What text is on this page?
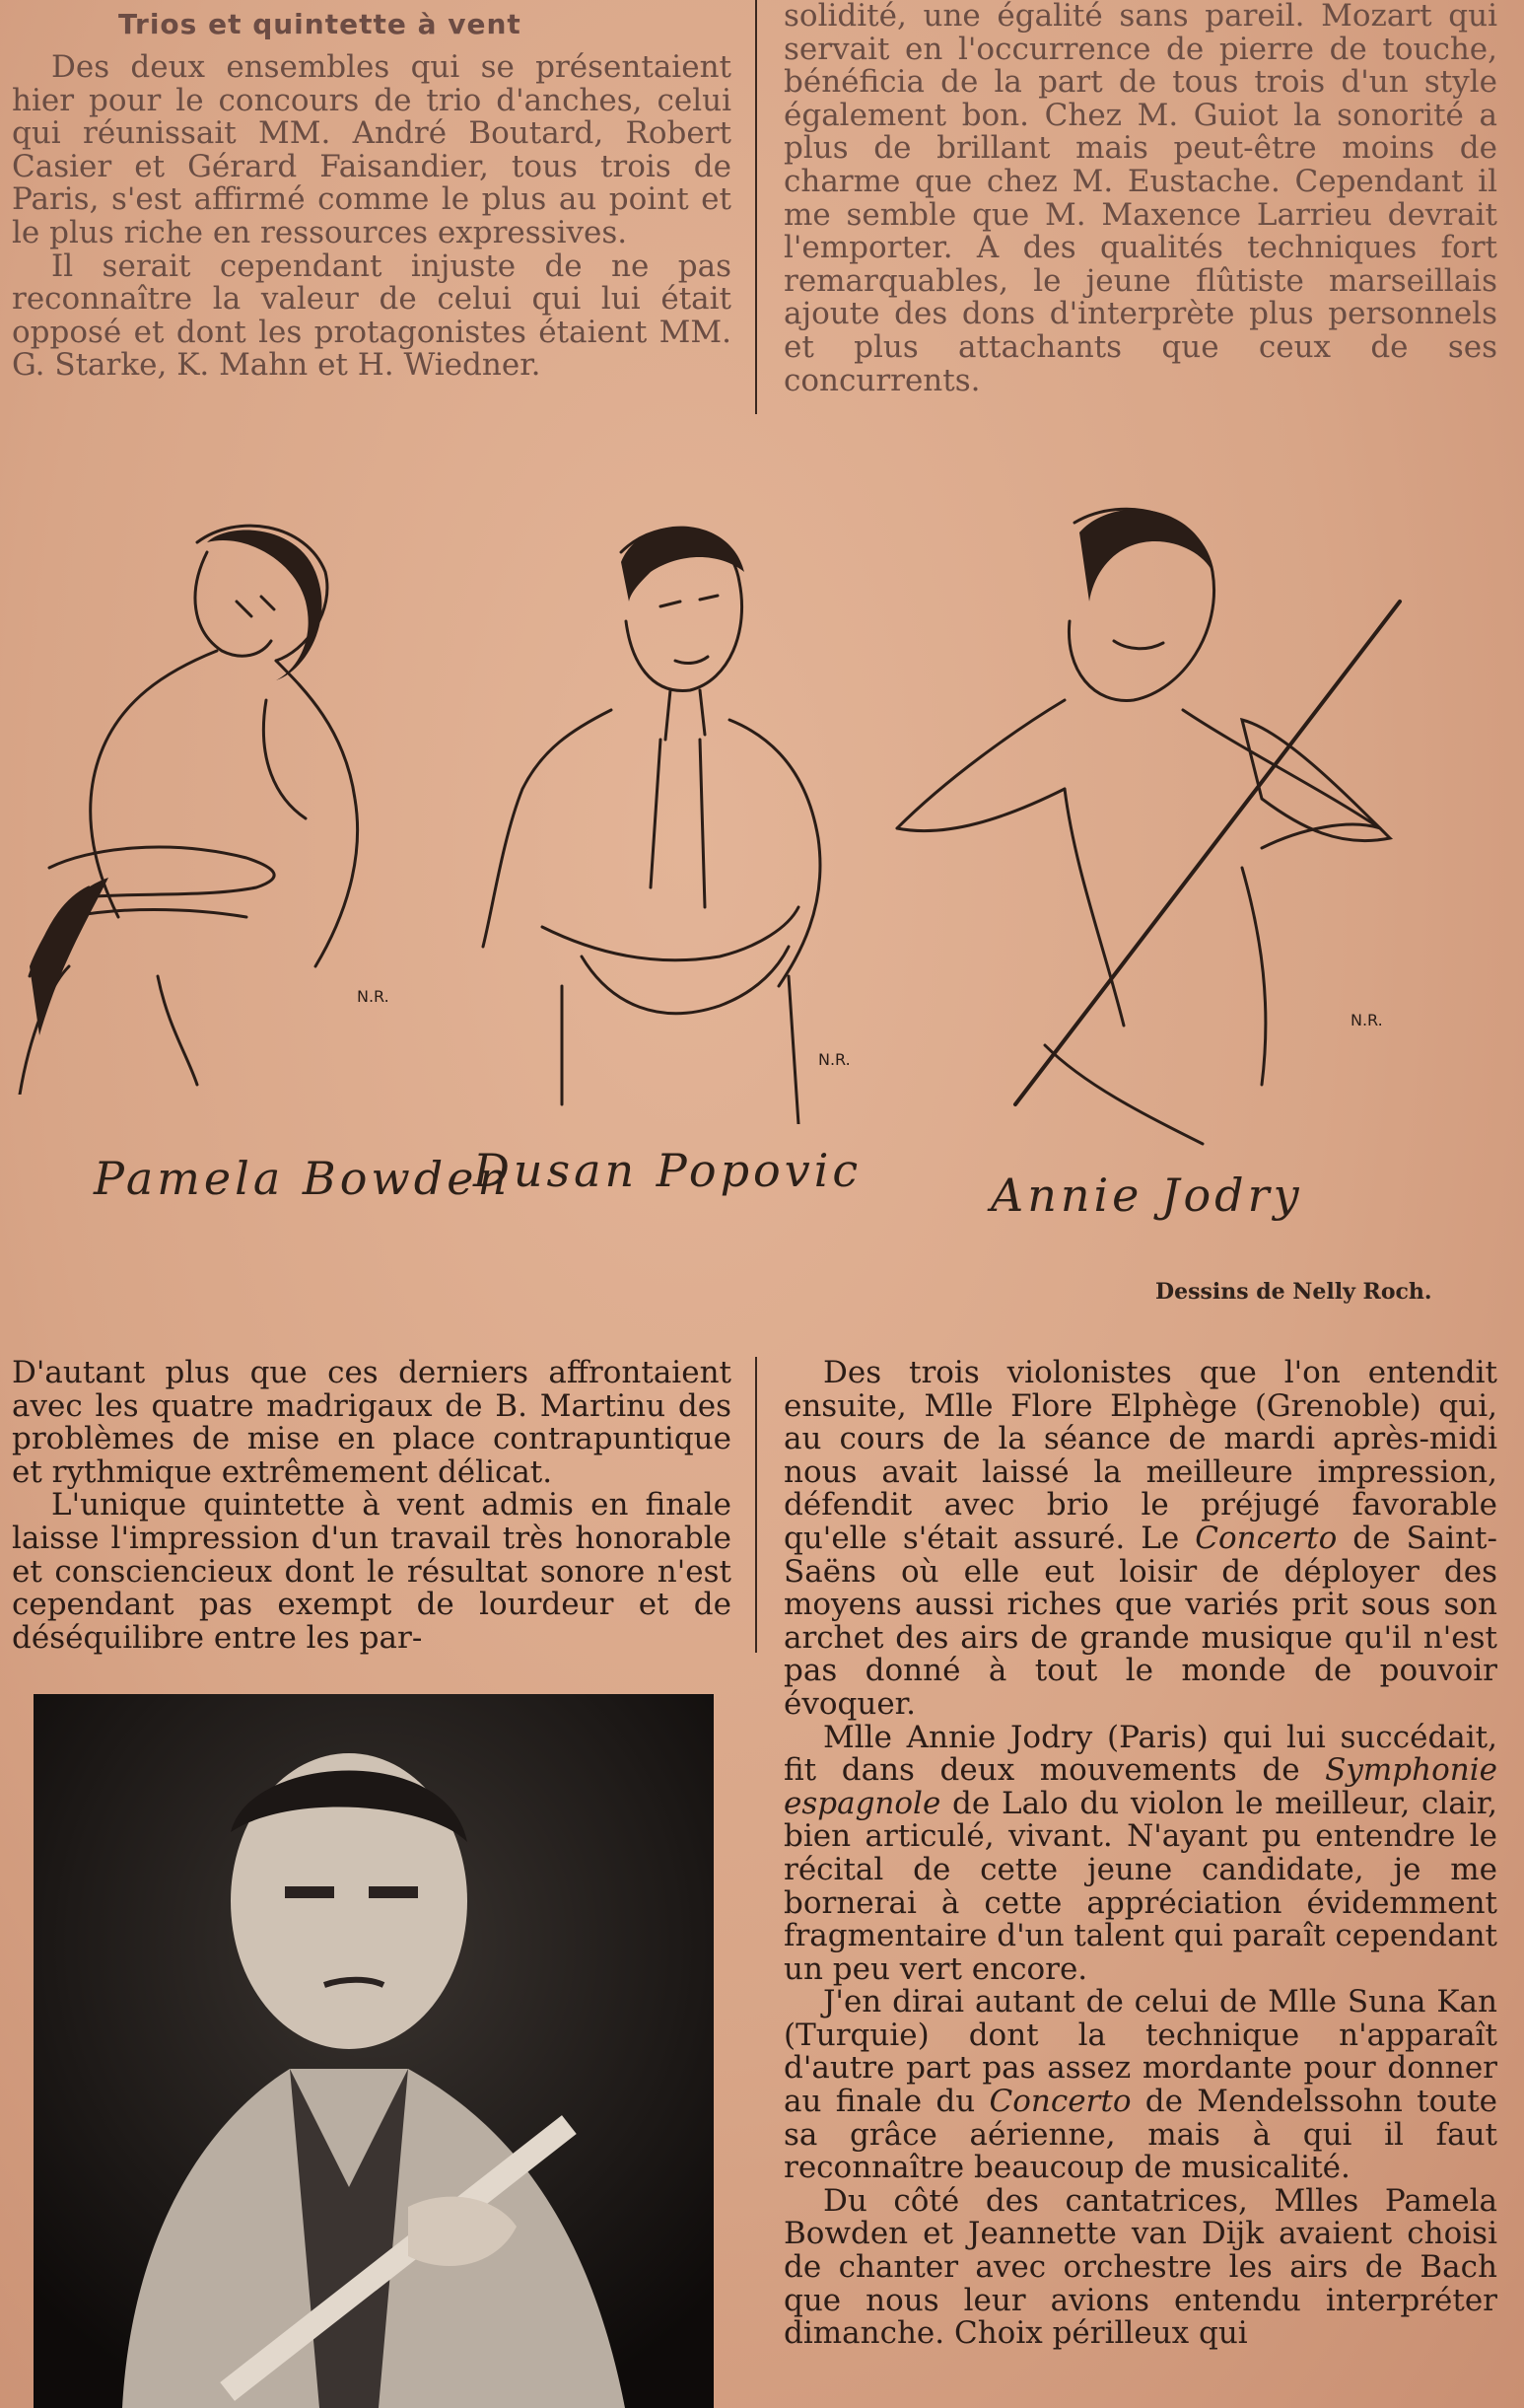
Trios et quintette à vent

Des deux ensembles qui se présentaient hier pour le concours de trio d'anches, celui qui réunissait MM. André Boutard, Robert Casier et Gérard Faisandier, tous trois de Paris, s'est affirmé comme le plus au point et le plus riche en ressources expressives.

Il serait cependant injuste de ne pas reconnaître la valeur de celui qui lui était opposé et dont les protagonistes étaient MM. G. Starke, K. Mahn et H. Wiedner.

solidité, une égalité sans pareil. Mozart qui servait en l'occurrence de pierre de touche, bénéficia de la part de tous trois d'un style également bon. Chez M. Guiot la sonorité a plus de brillant mais peut-être moins de charme que chez M. Eustache. Cependant il me semble que M. Maxence Larrieu devrait l'emporter. A des qualités techniques fort remarquables, le jeune flûtiste marseillais ajoute des dons d'interprète plus personnels et plus attachants que ceux de ses concurrents.

N.R.
N.R.
N.R.
Pamela Bowden
Dusan Popovic	Annie Jodry
Dessins de Nelly Roch.

D'autant plus que ces derniers affrontaient avec les quatre madrigaux de B. Martinu des problèmes de mise en place contrapuntique et rythmique extrêmement délicat.

L'unique quintette à vent admis en finale laisse l'impression d'un travail très honorable et consciencieux dont le résultat sonore n'est cependant pas exempt de lourdeur et de déséquilibre entre les par-

Des trois violonistes que l'on entendit ensuite, Mlle Flore Elphège (Grenoble) qui, au cours de la séance de mardi après-midi nous avait laissé la meilleure impression, défendit avec brio le préjugé favorable qu'elle s'était assuré. Le Concerto de Saint-Saëns où elle eut loisir de déployer des moyens aussi riches que variés prit sous son archet des airs de grande musique qu'il n'est pas donné à tout le monde de pouvoir évoquer.

Mlle Annie Jodry (Paris) qui lui succédait, fit dans deux mouvements de Symphonie espagnole de Lalo du violon le meilleur, clair, bien articulé, vivant. N'ayant pu entendre le récital de cette jeune candidate, je me bornerai à cette appréciation évidemment fragmentaire d'un talent qui paraît cependant un peu vert encore.

J'en dirai autant de celui de Mlle Suna Kan (Turquie) dont la technique n'apparaît d'autre part pas assez mordante pour donner au finale du Concerto de Mendelssohn toute sa grâce aérienne, mais à qui il faut reconnaître beaucoup de musicalité.

Du côté des cantatrices, Mlles Pamela Bowden et Jeannette van Dijk avaient choisi de chanter avec orchestre les airs de Bach que nous leur avions entendu interpréter dimanche. Choix périlleux qui
